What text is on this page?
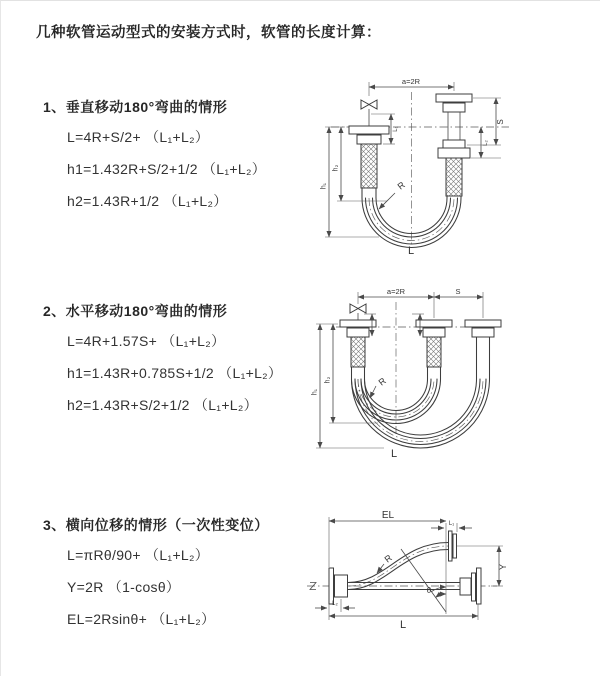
几种软管运动型式的安装方式时，软管的长度计算：
1、垂直移动180°弯曲的情形
L=4R+S/2+ （L₁+L₂）
h1=1.432R+S/2+1/2 （L₁+L₂）
h2=1.43R+1/2 （L₁+L₂）
2、水平移动180°弯曲的情形
L=4R+1.57S+ （L₁+L₂）
h1=1.43R+0.785S+1/2 （L₁+L₂）
h2=1.43R+S/2+1/2 （L₁+L₂）
3、横向位移的情形（一次性变位）
L=πRθ/90+ （L₁+L₂）
Y=2R （1-cosθ）
EL=2Rsinθ+ （L₁+L₂）
a=2R
h₁
h₂
L₁
S
L₂
R
L
a=2R	S
h₁
h₂	R
L
EL
L₁
Y
L₂
L
θ
R
